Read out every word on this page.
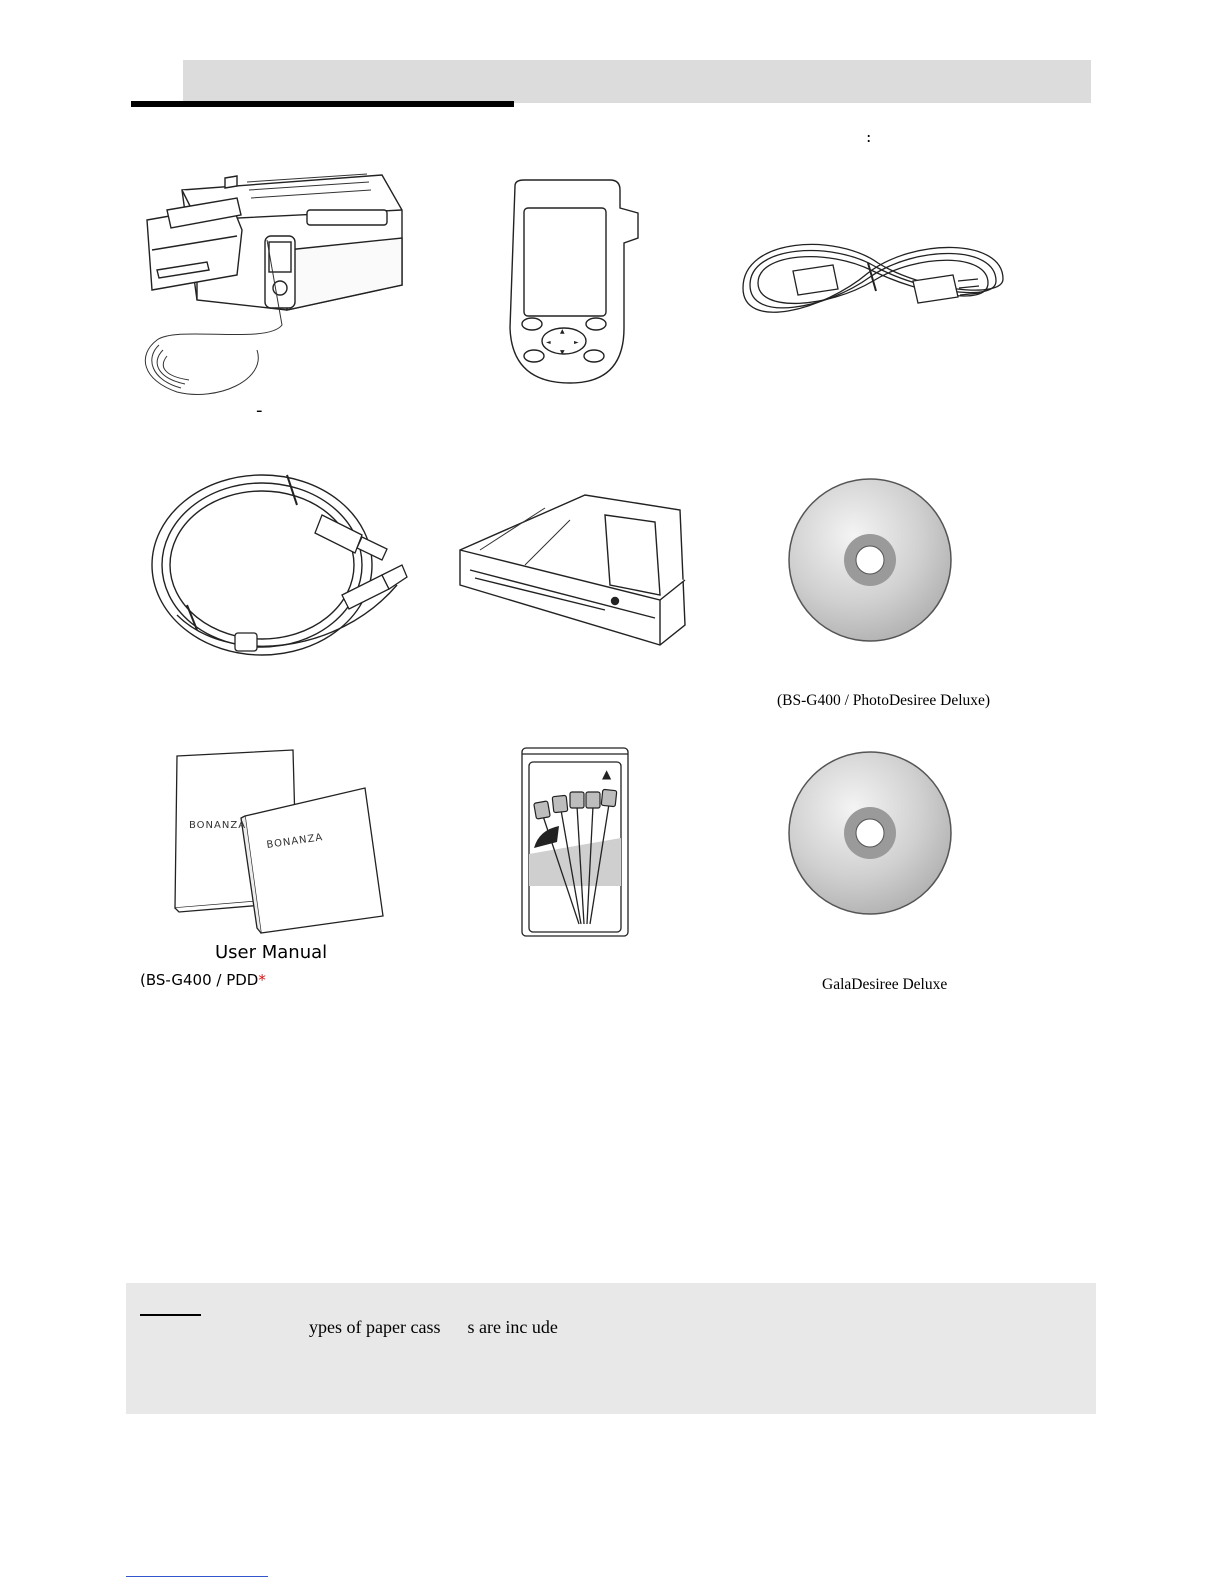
:
-
▲
▼
◄	►
(BS-G400 / PhotoDesiree Deluxe)
BONANZA
BONANZA
User Manual
(BS-G400 / PDD*
▲
GalaDesiree Deluxe
ypes of paper cass      s are inc ude
